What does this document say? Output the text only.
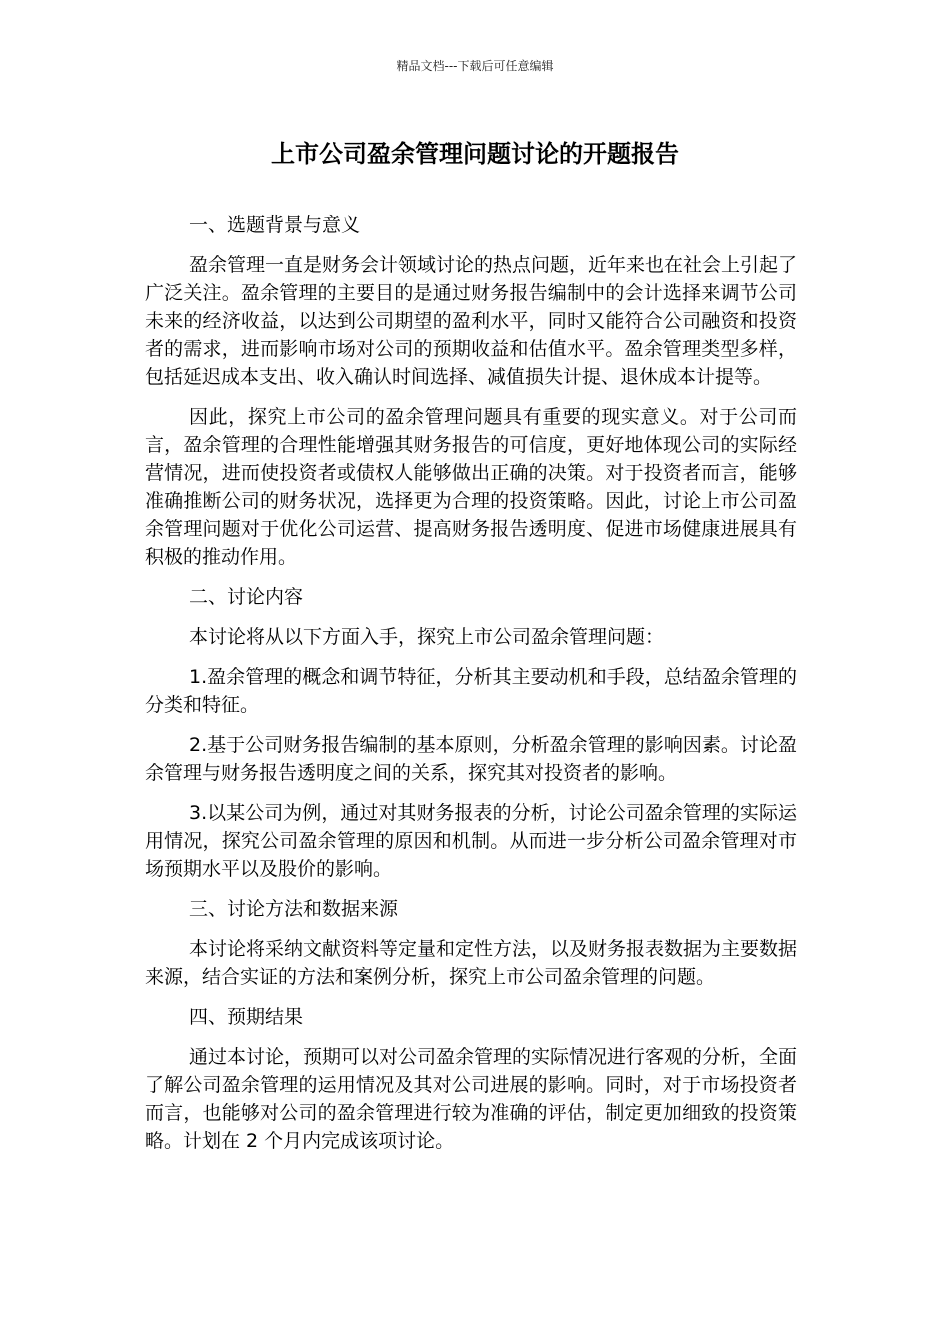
精品文档---下载后可任意编辑
上市公司盈余管理问题讨论的开题报告
一、选题背景与意义

盈余管理一直是财务会计领域讨论的热点问题，近年来也在社会上引起了广泛关注。盈余管理的主要目的是通过财务报告编制中的会计选择来调节公司未来的经济收益，以达到公司期望的盈利水平，同时又能符合公司融资和投资者的需求，进而影响市场对公司的预期收益和估值水平。盈余管理类型多样，包括延迟成本支出、收入确认时间选择、减值损失计提、退休成本计提等。

因此，探究上市公司的盈余管理问题具有重要的现实意义。对于公司而言，盈余管理的合理性能增强其财务报告的可信度，更好地体现公司的实际经营情况，进而使投资者或债权人能够做出正确的决策。对于投资者而言，能够准确推断公司的财务状况，选择更为合理的投资策略。因此，讨论上市公司盈余管理问题对于优化公司运营、提高财务报告透明度、促进市场健康进展具有积极的推动作用。

二、讨论内容

本讨论将从以下方面入手，探究上市公司盈余管理问题：

1.盈余管理的概念和调节特征，分析其主要动机和手段，总结盈余管理的分类和特征。

2.基于公司财务报告编制的基本原则，分析盈余管理的影响因素。讨论盈余管理与财务报告透明度之间的关系，探究其对投资者的影响。

3.以某公司为例，通过对其财务报表的分析，讨论公司盈余管理的实际运用情况，探究公司盈余管理的原因和机制。从而进一步分析公司盈余管理对市场预期水平以及股价的影响。

三、讨论方法和数据来源

本讨论将采纳文献资料等定量和定性方法，以及财务报表数据为主要数据来源，结合实证的方法和案例分析，探究上市公司盈余管理的问题。

四、预期结果

通过本讨论，预期可以对公司盈余管理的实际情况进行客观的分析，全面了解公司盈余管理的运用情况及其对公司进展的影响。同时，对于市场投资者而言，也能够对公司的盈余管理进行较为准确的评估，制定更加细致的投资策略。计划在 2 个月内完成该项讨论。
